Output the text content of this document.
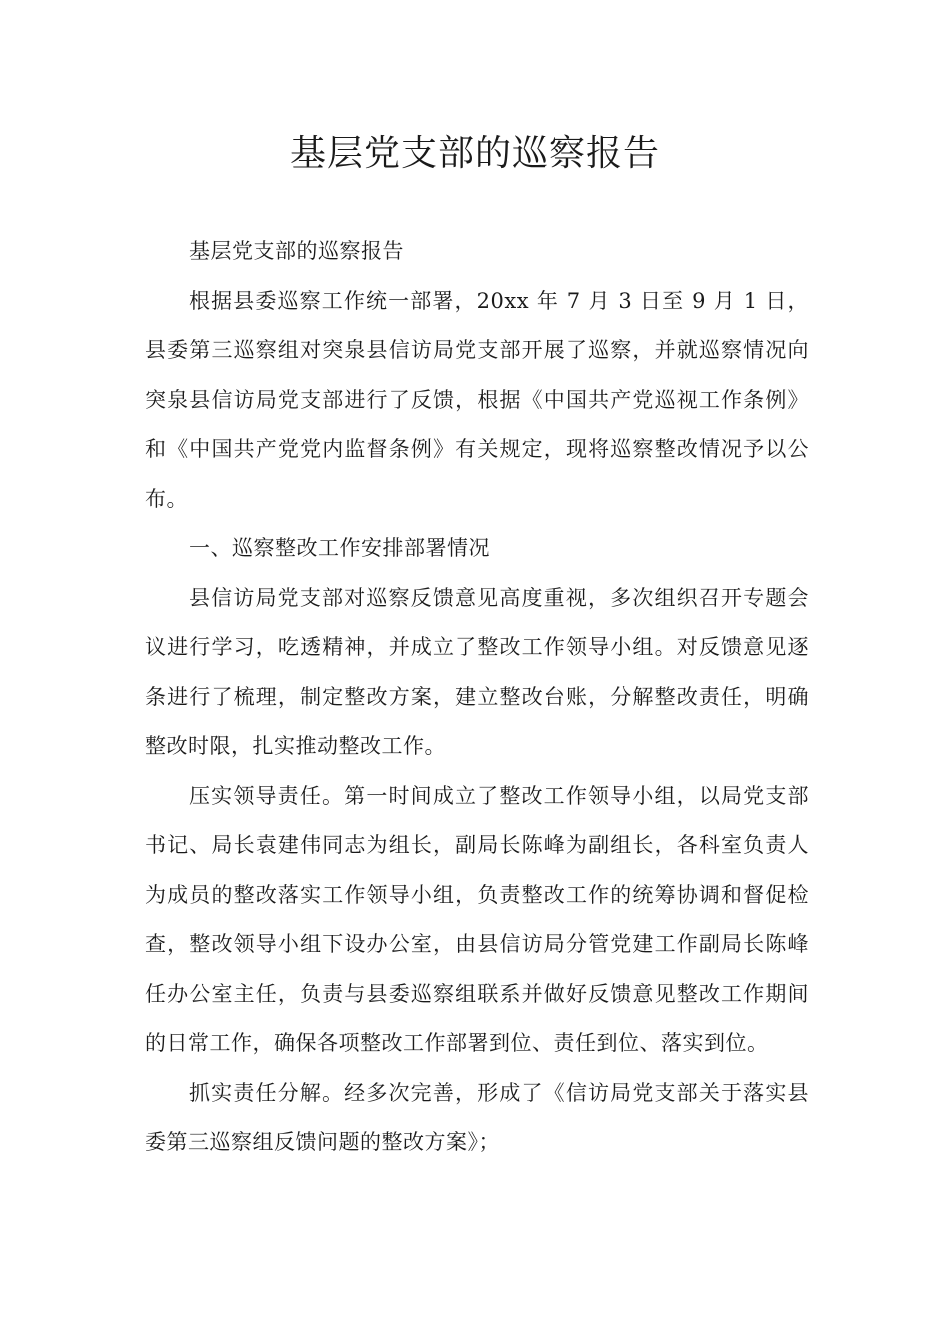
基层党支部的巡察报告

基层党支部的巡察报告

根据县委巡察工作统一部署，20xx 年 7 月 3 日至 9 月 1 日，县委第三巡察组对突泉县信访局党支部开展了巡察，并就巡察情况向突泉县信访局党支部进行了反馈，根据《中国共产党巡视工作条例》和《中国共产党党内监督条例》有关规定，现将巡察整改情况予以公布。

一、巡察整改工作安排部署情况

县信访局党支部对巡察反馈意见高度重视，多次组织召开专题会议进行学习，吃透精神，并成立了整改工作领导小组。对反馈意见逐条进行了梳理，制定整改方案，建立整改台账，分解整改责任，明确整改时限，扎实推动整改工作。

压实领导责任。第一时间成立了整改工作领导小组，以局党支部书记、局长袁建伟同志为组长，副局长陈峰为副组长，各科室负责人为成员的整改落实工作领导小组，负责整改工作的统筹协调和督促检查，整改领导小组下设办公室，由县信访局分管党建工作副局长陈峰任办公室主任，负责与县委巡察组联系并做好反馈意见整改工作期间的日常工作，确保各项整改工作部署到位、责任到位、落实到位。

抓实责任分解。经多次完善，形成了《信访局党支部关于落实县委第三巡察组反馈问题的整改方案》；
